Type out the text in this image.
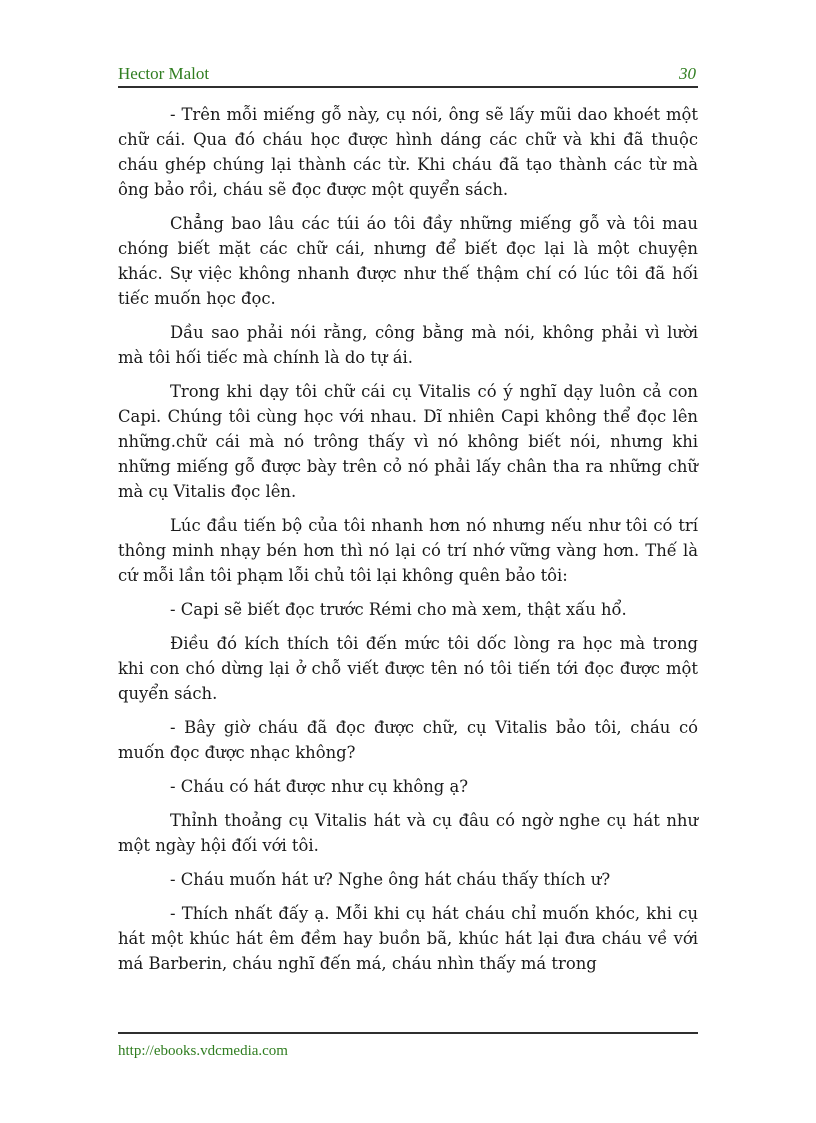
Hector Malot	30

- Trên mỗi miếng gỗ này, cụ nói, ông sẽ lấy mũi dao khoét một chữ cái. Qua đó cháu học được hình dáng các chữ và khi đã thuộc cháu ghép chúng lại thành các từ. Khi cháu đã tạo thành các từ mà ông bảo rồi, cháu sẽ đọc được một quyển sách.

Chẳng bao lâu các túi áo tôi đầy những miếng gỗ và tôi mau chóng biết mặt các chữ cái, nhưng để biết đọc lại là một chuyện khác. Sự việc không nhanh được như thế thậm chí có lúc tôi đã hối tiếc muốn học đọc.

Dầu sao phải nói rằng, công bằng mà nói, không phải vì lười mà tôi hối tiếc mà chính là do tự ái.

Trong khi dạy tôi chữ cái cụ Vitalis có ý nghĩ dạy luôn cả con Capi. Chúng tôi cùng học với nhau. Dĩ nhiên Capi không thể đọc lên những.chữ cái mà nó trông thấy vì nó không biết nói, nhưng khi những miếng gỗ được bày trên cỏ nó phải lấy chân tha ra những chữ mà cụ Vitalis đọc lên.

Lúc đầu tiến bộ của tôi nhanh hơn nó nhưng nếu như tôi có trí thông minh nhạy bén hơn thì nó lại có trí nhớ vững vàng hơn. Thế là cứ mỗi lần tôi phạm lỗi chủ tôi lại không quên bảo tôi:

- Capi sẽ biết đọc trước Rémi cho mà xem, thật xấu hổ.

Điều đó kích thích tôi đến mức tôi dốc lòng ra học mà trong khi con chó dừng lại ở chỗ viết được tên nó tôi tiến tới đọc được một quyển sách.

- Bây giờ cháu đã đọc được chữ, cụ Vitalis bảo tôi, cháu có muốn đọc được nhạc không?

- Cháu có hát được như cụ không ạ?

Thỉnh thoảng cụ Vitalis hát và cụ đâu có ngờ nghe cụ hát như một ngày hội đối với tôi.

- Cháu muốn hát ư? Nghe ông hát cháu thấy thích ư?

- Thích nhất đấy ạ. Mỗi khi cụ hát cháu chỉ muốn khóc, khi cụ hát một khúc hát êm đềm hay buồn bã, khúc hát lại đưa cháu về với má Barberin, cháu nghĩ đến má, cháu nhìn thấy má trong

http://ebooks.vdcmedia.com
